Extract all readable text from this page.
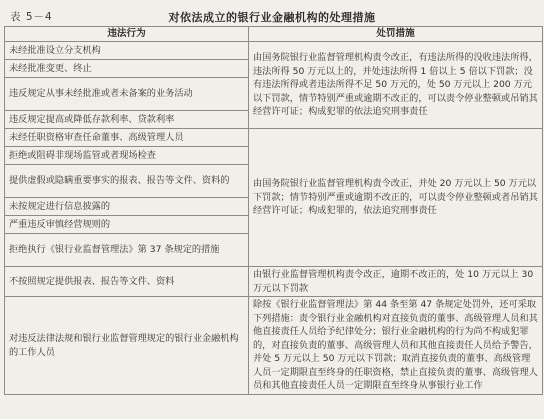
表 5－4	对依法成立的银行业金融机构的处理措施
违法行为	处罚措施
未经批准设立分支机构	由国务院银行业监督管理机构责令改正，有违法所得的没收违法所得，违法所得 50 万元以上的，并处违法所得 1 倍以上 5 倍以下罚款；没有违法所得或者违法所得不足 50 万元的，处 50 万元以上 200 万元以下罚款，情节特别严重或逾期不改正的，可以责令停业整顿或吊销其经营许可证；构成犯罪的依法追究刑事责任
未经批准变更、终止	
违反规定从事未经批准或者未备案的业务活动	
违反规定提高或降低存款利率、贷款利率	
未经任职资格审查任命董事、高级管理人员	由国务院银行业监督管理机构责令改正，并处 20 万元以上 50 万元以下罚款；情节特别严重或逾期不改正的，可以责令停业整顿或者吊销其经营许可证；构成犯罪的，依法追究刑事责任
拒绝或阻碍非现场监管或者现场检查	
提供虚假或隐瞒重要事实的报表、报告等文件、资料的	
未按规定进行信息披露的	
严重违反审慎经营规则的	
拒绝执行《银行业监督管理法》第 37 条规定的措施	
不按照规定提供报表、报告等文件、资料	由银行业监督管理机构责令改正，逾期不改正的，处 10 万元以上 30 万元以下罚款
对违反法律法规和银行业监督管理规定的银行业金融机构的工作人员	除按《银行业监督管理法》第 44 条至第 47 条规定处罚外，还可采取下列措施：责令银行业金融机构对直接负责的董事、高级管理人员和其他直接责任人员给予纪律处分；银行业金融机构的行为尚不构成犯罪的，对直接负责的董事、高级管理人员和其他直接责任人员给予警告，并处 5 万元以上 50 万元以下罚款；取消直接负责的董事、高级管理人员一定期限直至终身的任职资格，禁止直接负责的董事、高级管理人员和其他直接责任人员一定期限直至终身从事银行业工作
